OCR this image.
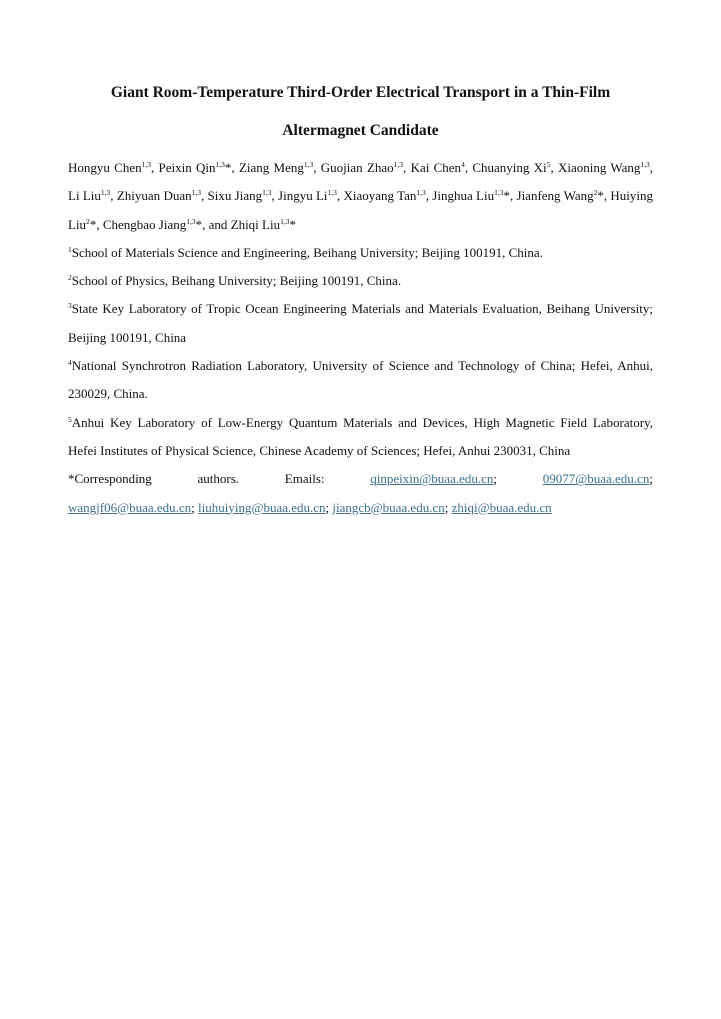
Giant Room-Temperature Third-Order Electrical Transport in a Thin-Film Altermagnet Candidate

Hongyu Chen$^{1,3}$, Peixin Qin$^{1,3}$*, Ziang Meng$^{1,3}$, Guojian Zhao$^{1,3}$, Kai Chen$^4$, Chuanying Xi$^5$, Xiaoning Wang$^{1,3}$, Li Liu$^{1,3}$, Zhiyuan Duan$^{1,3}$, Sixu Jiang$^{1,3}$, Jingyu Li$^{1,3}$, Xiaoyang Tan$^{1,3}$, Jinghua Liu$^{1,3}$*, Jianfeng Wang$^2$*, Huiying Liu$^2$*, Chengbao Jiang$^{1,3}$*, and Zhiqi Liu$^{1,3}$*

$^1$School of Materials Science and Engineering, Beihang University; Beijing 100191, China.

$^2$School of Physics, Beihang University; Beijing 100191, China.

$^3$State Key Laboratory of Tropic Ocean Engineering Materials and Materials Evaluation, Beihang University; Beijing 100191, China

$^4$National Synchrotron Radiation Laboratory, University of Science and Technology of China; Hefei, Anhui, 230029, China.

$^5$Anhui Key Laboratory of Low-Energy Quantum Materials and Devices, High Magnetic Field Laboratory, Hefei Institutes of Physical Science, Chinese Academy of Sciences; Hefei, Anhui 230031, China

*Corresponding	authors.	Emails:	qinpeixin@buaa.edu.cn;	09077@buaa.edu.cn;
wangjf06@buaa.edu.cn; liuhuiying@buaa.edu.cn; jiangcb@buaa.edu.cn; zhiqi@buaa.edu.cn
